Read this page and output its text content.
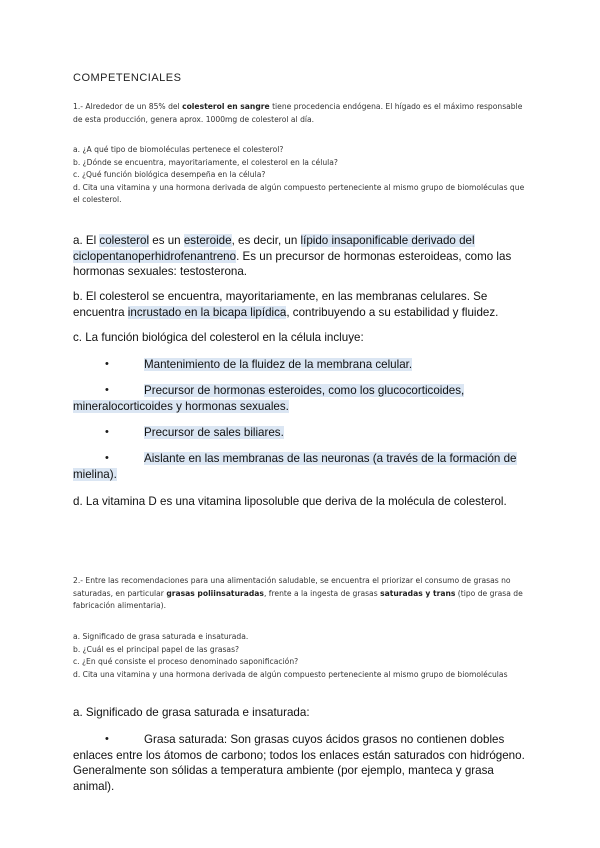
COMPETENCIALES
1.- Alrededor de un 85% del colesterol en sangre tiene procedencia endógena. El hígado es el máximo responsable de esta producción, genera aprox. 1000mg de colesterol al día.
a. ¿A qué tipo de biomoléculas pertenece el colesterol?
b. ¿Dónde se encuentra, mayoritariamente, el colesterol en la célula?
c. ¿Qué función biológica desempeña en la célula?
d. Cita una vitamina y una hormona derivada de algún compuesto perteneciente al mismo grupo de biomoléculas que el colesterol.
a. El colesterol es un esteroide, es decir, un lípido insaponificable derivado del ciclopentanoperhidrofenantreno. Es un precursor de hormonas esteroideas, como las hormonas sexuales: testosterona.
b. El colesterol se encuentra, mayoritariamente, en las membranas celulares. Se encuentra incrustado en la bicapa lipídica, contribuyendo a su estabilidad y fluidez.
c. La función biológica del colesterol en la célula incluye:
•	Mantenimiento de la fluidez de la membrana celular.
•	Precursor de hormonas esteroides, como los glucocorticoides, mineralocorticoides y hormonas sexuales.
•	Precursor de sales biliares.
•	Aislante en las membranas de las neuronas (a través de la formación de mielina).
d. La vitamina D es una vitamina liposoluble que deriva de la molécula de colesterol.
2.- Entre las recomendaciones para una alimentación saludable, se encuentra el priorizar el consumo de grasas no saturadas, en particular grasas poliinsaturadas, frente a la ingesta de grasas saturadas y trans (tipo de grasa de fabricación alimentaria).
a. Significado de grasa saturada e insaturada.
b. ¿Cuál es el principal papel de las grasas?
c. ¿En qué consiste el proceso denominado saponificación?
d. Cita una vitamina y una hormona derivada de algún compuesto perteneciente al mismo grupo de biomoléculas
a. Significado de grasa saturada e insaturada:
•	Grasa saturada: Son grasas cuyos ácidos grasos no contienen dobles enlaces entre los átomos de carbono; todos los enlaces están saturados con hidrógeno. Generalmente son sólidas a temperatura ambiente (por ejemplo, manteca y grasa animal).
